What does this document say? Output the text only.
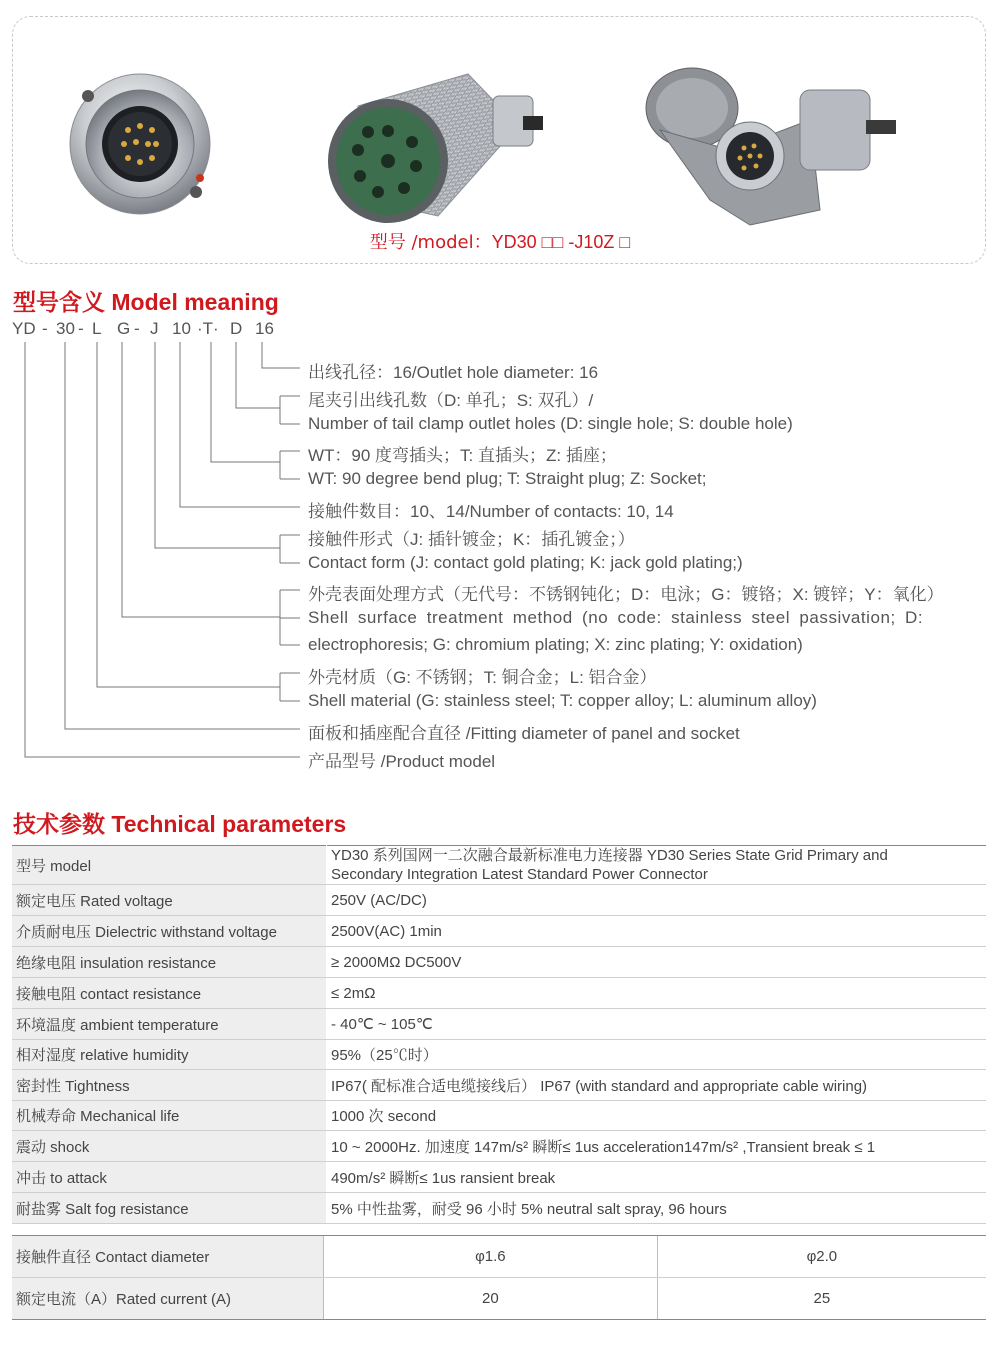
型号 /model：YD30 □□ -J10Z □
型号含义 Model meaning
YD - 30 - L G - J 10 ·T· D 16
出线孔径：16/Outlet hole diameter: 16
尾夹引出线孔数（D: 单孔；S: 双孔）/
Number of tail clamp outlet holes (D: single hole; S: double hole)
WT：90 度弯插头；T: 直插头；Z: 插座；
WT: 90 degree bend plug; T: Straight plug; Z: Socket;
接触件数目：10、14/Number of contacts: 10, 14
接触件形式（J: 插针镀金；K：插孔镀金；）
Contact form (J: contact gold plating; K: jack gold plating;)
外壳表面处理方式（无代号：不锈钢钝化；D：电泳；G：镀铬；X: 镀锌；Y：氧化）
Shell surface treatment method (no code: stainless steel passivation; D:
electrophoresis; G: chromium plating; X: zinc plating; Y: oxidation)
外壳材质（G: 不锈钢；T: 铜合金；L: 铝合金）
Shell material (G: stainless steel; T: copper alloy; L: aluminum alloy)
面板和插座配合直径 /Fitting diameter of panel and socket
产品型号 /Product model
技术参数 Technical parameters
型号 model	YD30 系列国网一二次融合最新标准电力连接器 YD30 Series State Grid Primary and
Secondary Integration Latest Standard Power Connector
额定电压 Rated voltage	250V (AC/DC)
介质耐电压 Dielectric withstand voltage	2500V(AC) 1min
绝缘电阻 insulation resistance	≥ 2000MΩ DC500V
接触电阻 contact resistance	≤ 2mΩ
环境温度 ambient temperature	- 40℃ ~ 105℃
相对湿度 relative humidity	95%（25℃时）
密封性 Tightness	IP67( 配标准合适电缆接线后） IP67 (with standard and appropriate cable wiring)
机械寿命 Mechanical life	1000 次 second
震动 shock	10 ~ 2000Hz. 加速度 147m/s² 瞬断≤ 1us acceleration147m/s² ,Transient break ≤ 1
冲击 to attack	490m/s² 瞬断≤ 1us ransient break
耐盐雾 Salt fog resistance	5% 中性盐雾，耐受 96 小时 5% neutral salt spray, 96 hours
接触件直径 Contact diameter	φ1.6	φ2.0
额定电流（A）Rated current (A)	20	25
